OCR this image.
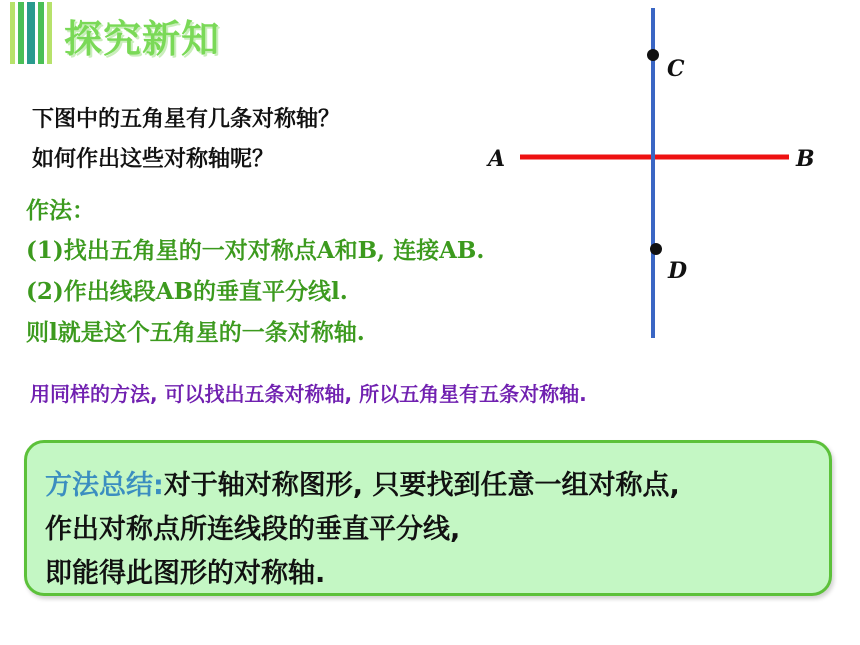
探究新知
下图中的五角星有几条对称轴？
如何作出这些对称轴呢？
作法：
(1)找出五角星的一对对称点A和B, 连接AB.
(2)作出线段AB的垂直平分线l.
则l就是这个五角星的一条对称轴.
用同样的方法, 可以找出五条对称轴, 所以五角星有五条对称轴.
方法总结:对于轴对称图形, 只要找到任意一组对称点,
作出对称点所连线段的垂直平分线,
即能得此图形的对称轴.
A	B
C
D
